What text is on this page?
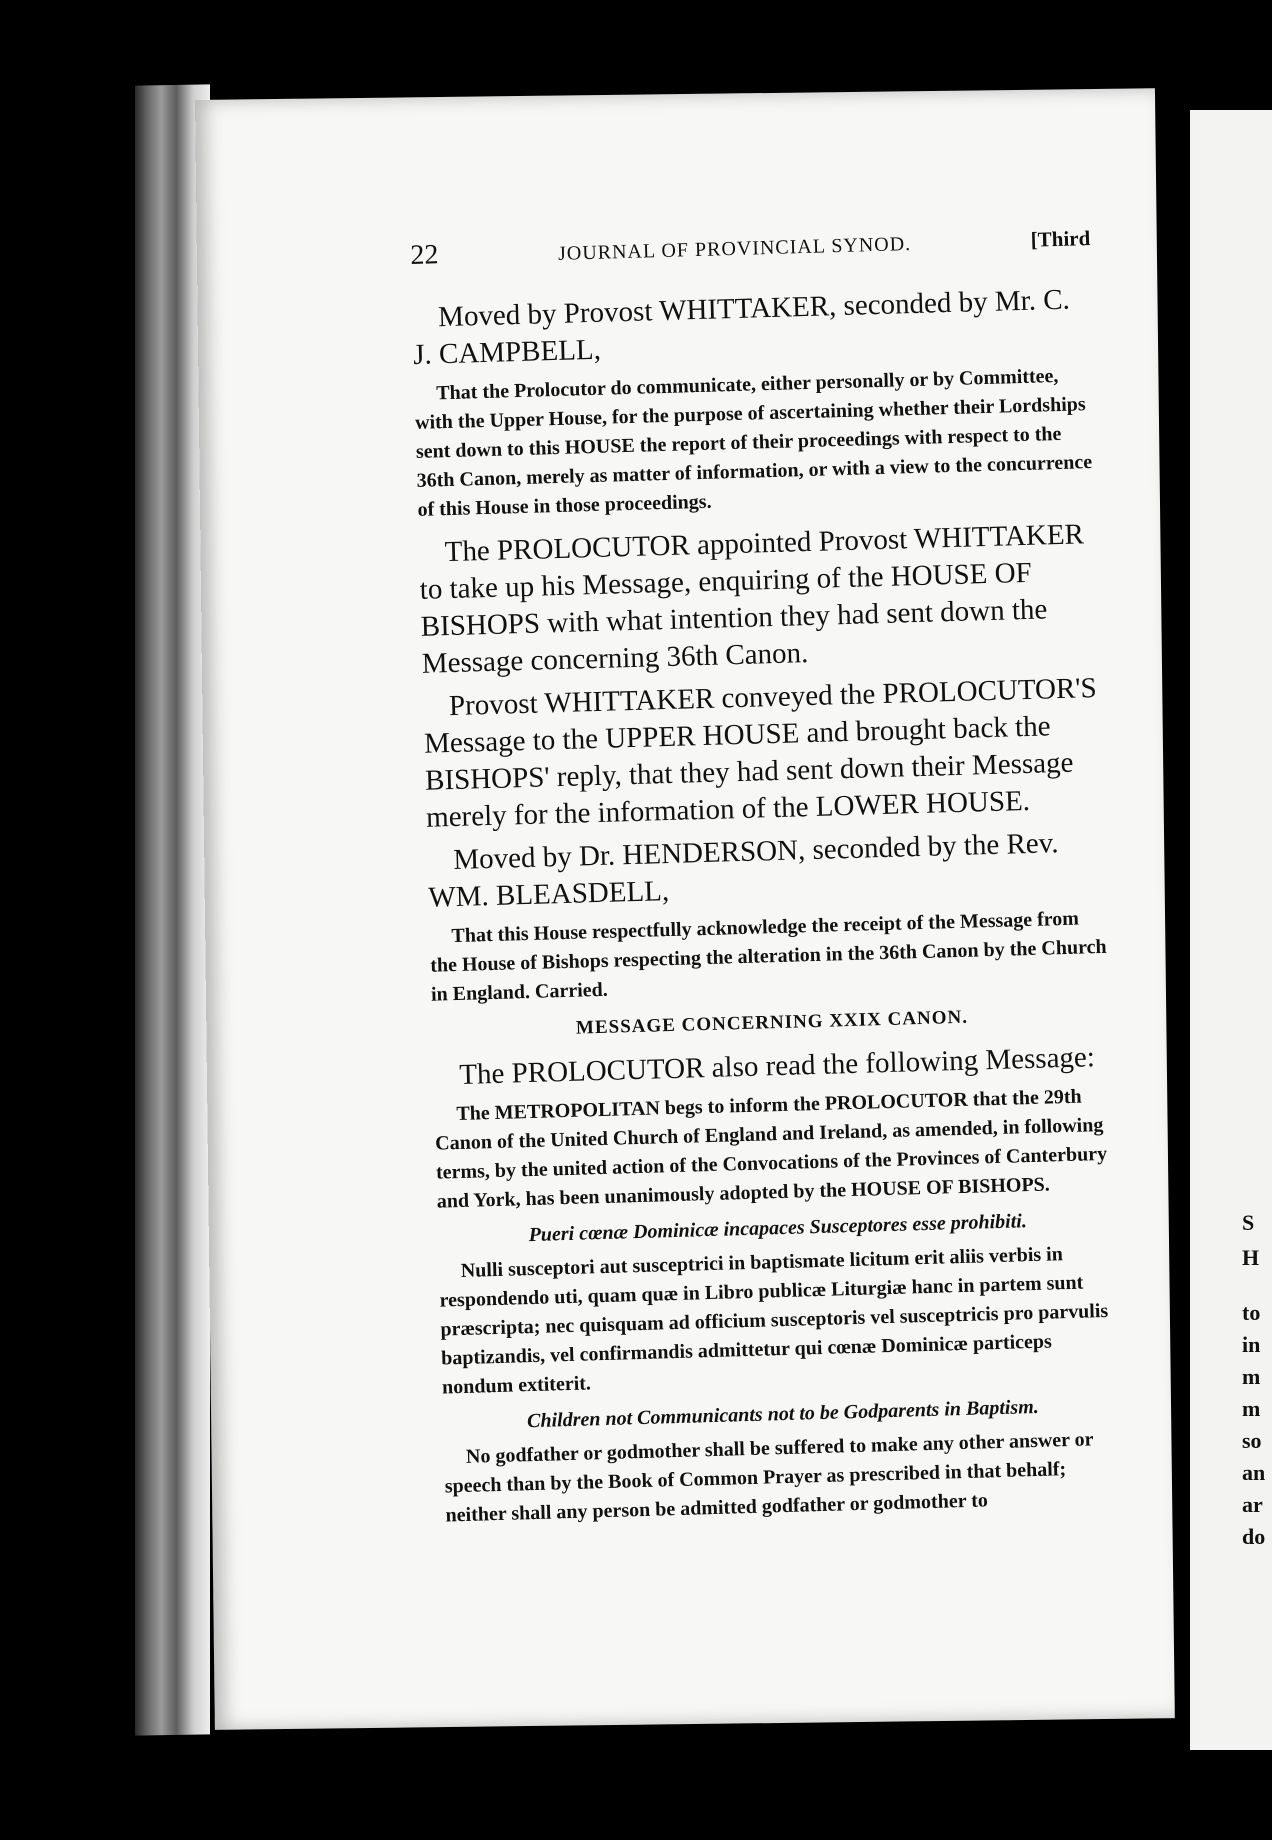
S
H
to
in
m
m
so
an
ar
do
22	JOURNAL OF PROVINCIAL SYNOD.	[Third

Moved by Provost WHITTAKER, seconded by Mr. C. J. CAMPBELL,

That the Prolocutor do communicate, either personally or by Committee, with the Upper House, for the purpose of ascertaining whether their Lordships sent down to this HOUSE the report of their proceedings with respect to the 36th Canon, merely as matter of information, or with a view to the concurrence of this House in those proceedings.

The PROLOCUTOR appointed Provost WHITTAKER to take up his Message, enquiring of the HOUSE OF BISHOPS with what intention they had sent down the Message concerning 36th Canon.

Provost WHITTAKER conveyed the PROLOCUTOR'S Message to the UPPER HOUSE and brought back the BISHOPS' reply, that they had sent down their Message merely for the information of the LOWER HOUSE.

Moved by Dr. HENDERSON, seconded by the Rev. WM. BLEASDELL,

That this House respectfully acknowledge the receipt of the Message from the House of Bishops respecting the alteration in the 36th Canon by the Church in England. Carried.

MESSAGE CONCERNING XXIX CANON.

The PROLOCUTOR also read the following Message:

The METROPOLITAN begs to inform the PROLOCUTOR that the 29th Canon of the United Church of England and Ireland, as amended, in following terms, by the united action of the Convocations of the Provinces of Canterbury and York, has been unanimously adopted by the HOUSE OF BISHOPS.

Pueri cœnæ Dominicæ incapaces Susceptores esse prohibiti.

Nulli susceptori aut susceptrici in baptismate licitum erit aliis verbis in respondendo uti, quam quæ in Libro publicæ Liturgiæ hanc in partem sunt præscripta; nec quisquam ad officium susceptoris vel susceptricis pro parvulis baptizandis, vel confirmandis admittetur qui cœnæ Dominicæ particeps nondum extiterit.

Children not Communicants not to be Godparents in Baptism.

No godfather or godmother shall be suffered to make any other answer or speech than by the Book of Common Prayer as prescribed in that behalf; neither shall any person be admitted godfather or godmother to
